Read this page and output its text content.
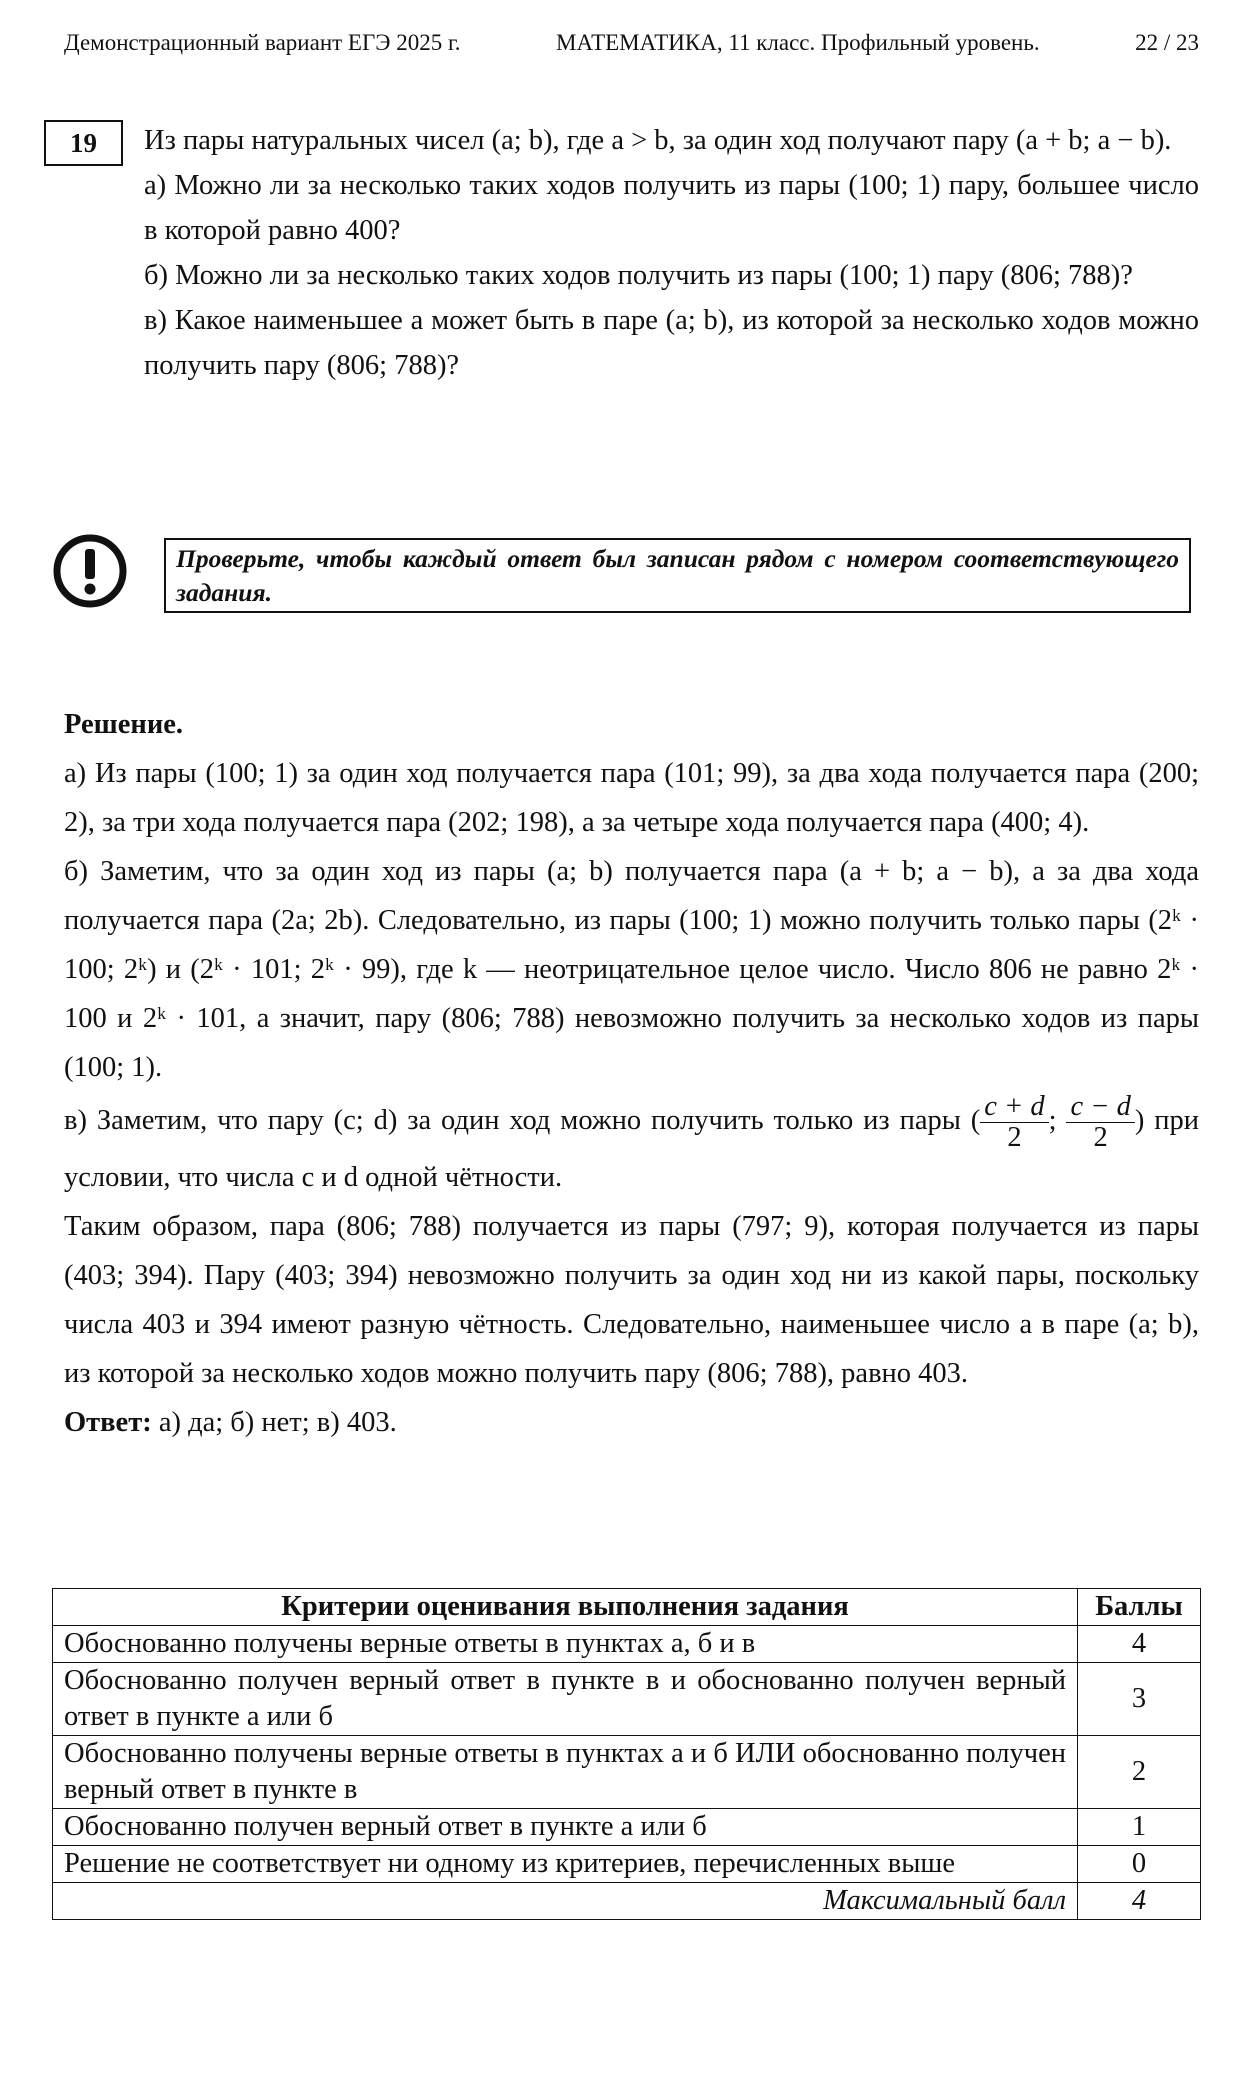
Демонстрационный вариант ЕГЭ 2025 г.	МАТЕМАТИКА, 11 класс. Профильный уровень.	22 / 23
19 Из пары натуральных чисел (a; b), где a > b, за один ход получают пару (a + b; a − b).

а) Можно ли за несколько таких ходов получить из пары (100; 1) пару, большее число в которой равно 400?

б) Можно ли за несколько таких ходов получить из пары (100; 1) пару (806; 788)?

в) Какое наименьшее a может быть в паре (a; b), из которой за несколько ходов можно получить пару (806; 788)?

Проверьте, чтобы каждый ответ был записан рядом с номером соответствующего задания.

Решение.

а) Из пары (100; 1) за один ход получается пара (101; 99), за два хода получается пара (200; 2), за три хода получается пара (202; 198), а за четыре хода получается пара (400; 4).

б) Заметим, что за один ход из пары (a; b) получается пара (a + b; a − b), а за два хода получается пара (2a; 2b). Следовательно, из пары (100; 1) можно получить только пары (2ᵏ · 100; 2ᵏ) и (2ᵏ · 101; 2ᵏ · 99), где k — неотрицательное целое число. Число 806 не равно 2ᵏ · 100 и 2ᵏ · 101, а значит, пару (806; 788) невозможно получить за несколько ходов из пары (100; 1).

в) Заметим, что пару (c; d) за один ход можно получить только из пары ( $\frac{c + d}{2}$ ; $\frac{c - d}{2}$ ) при условии, что числа c и d одной чётности.

Таким образом, пара (806; 788) получается из пары (797; 9), которая получается из пары (403; 394). Пару (403; 394) невозможно получить за один ход ни из какой пары, поскольку числа 403 и 394 имеют разную чётность. Следовательно, наименьшее число a в паре (a; b), из которой за несколько ходов можно получить пару (806; 788), равно 403.

Ответ: а) да; б) нет; в) 403.

Критерии оценивания выполнения задания	Баллы
Обоснованно получены верные ответы в пунктах а, б и в	4
Обоснованно получен верный ответ в пункте в и обоснованно получен верный ответ в пункте а или б	3
Обоснованно получены верные ответы в пунктах а и б ИЛИ обоснованно получен верный ответ в пункте в	2
Обоснованно получен верный ответ в пункте а или б	1
Решение не соответствует ни одному из критериев, перечисленных выше	0
Максимальный балл	4
